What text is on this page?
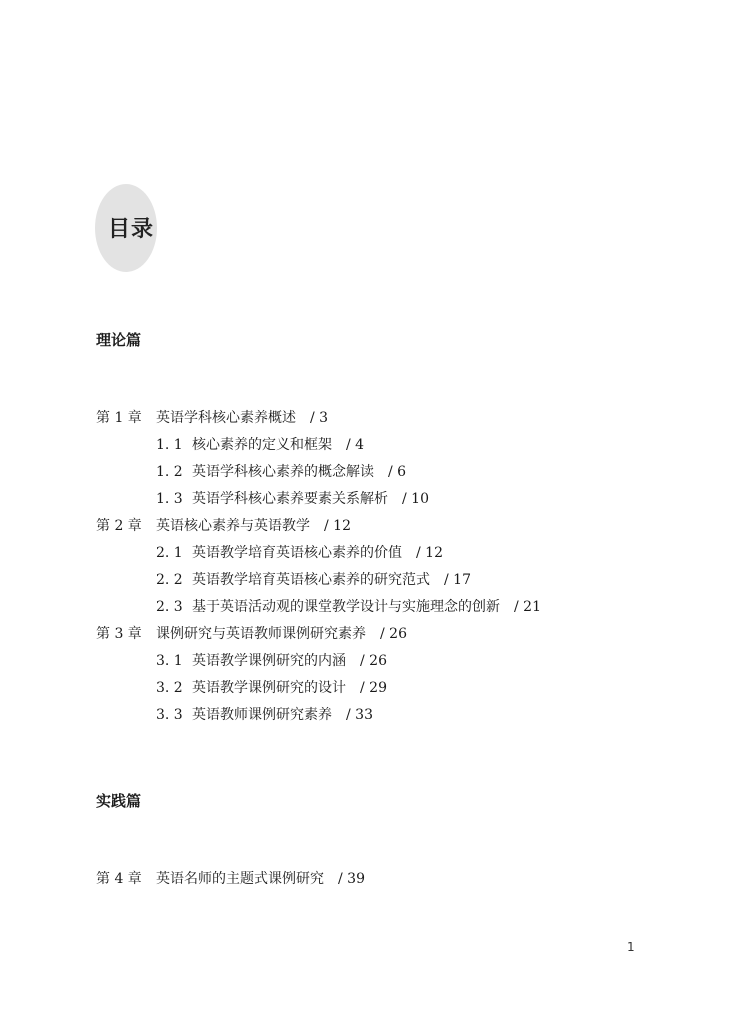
目录
理论篇
第 1 章 英语学科核心素养概述 / 3
1. 1 核心素养的定义和框架 / 4
1. 2 英语学科核心素养的概念解读 / 6
1. 3 英语学科核心素养要素关系解析 / 10
第 2 章 英语核心素养与英语教学 / 12
2. 1 英语教学培育英语核心素养的价值 / 12
2. 2 英语教学培育英语核心素养的研究范式 / 17
2. 3 基于英语活动观的课堂教学设计与实施理念的创新 / 21
第 3 章 课例研究与英语教师课例研究素养 / 26
3. 1 英语教学课例研究的内涵 / 26
3. 2 英语教学课例研究的设计 / 29
3. 3 英语教师课例研究素养 / 33
实践篇
第 4 章 英语名师的主题式课例研究 / 39
1
